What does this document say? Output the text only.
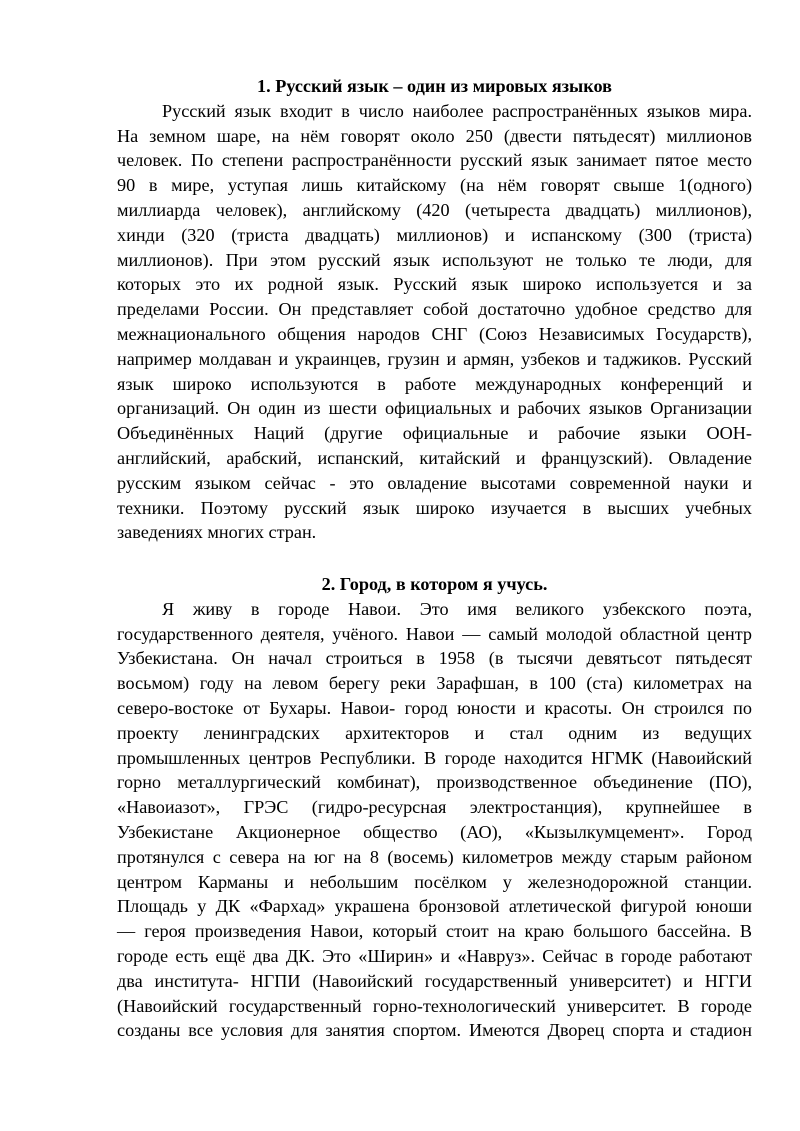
1. Русский язык – один из мировых языков
Русский язык входит в число наиболее распространённых языков мира.
На земном шаре, на нём говорят около 250 (двести пятьдесят) миллионов
человек. По степени распространённости русский язык занимает пятое место
90 в мире, уступая лишь китайскому (на нём говорят свыше 1(одного)
миллиарда человек), английскому (420 (четыреста двадцать) миллионов),
хинди (320 (триста двадцать) миллионов) и испанскому (300 (триста)
миллионов). При этом русский язык используют не только те люди, для
которых это их родной язык. Русский язык широко используется и за
пределами России. Он представляет собой достаточно удобное средство для
межнационального общения народов СНГ (Союз Независимых Государств),
например молдаван и украинцев, грузин и армян, узбеков и таджиков. Русский
язык широко используются в работе международных конференций и
организаций. Он один из шести официальных и рабочих языков Организации
Объединённых Наций (другие официальные и рабочие языки ООН-
английский, арабский, испанский, китайский и французский). Овладение
русским языком сейчас - это овладение высотами современной науки и
техники. Поэтому русский язык широко изучается в высших учебных
заведениях многих стран.
2. Город, в котором я учусь.
Я живу в городе Навои. Это имя великого узбекского поэта,
государственного деятеля, учёного. Навои — самый молодой областной центр
Узбекистана. Он начал строиться в 1958 (в тысячи девятьсот пятьдесят
восьмом) году на левом берегу реки Зарафшан, в 100 (ста) километрах на
северо-востоке от Бухары. Навои- город юности и красоты. Он строился по
проекту ленинградских архитекторов и стал одним из ведущих
промышленных центров Республики. В городе находится НГМК (Навоийский
горно металлургический комбинат), производственное объединение (ПО),
«Навоиазот», ГРЭС (гидро-ресурсная электростанция), крупнейшее в
Узбекистане Акционерное общество (АО), «Кызылкумцемент». Город
протянулся с севера на юг на 8 (восемь) километров между старым районом
центром Карманы и небольшим посёлком у железнодорожной станции.
Площадь у ДК «Фархад» украшена бронзовой атлетической фигурой юноши
— героя произведения Навои, который стоит на краю большого бассейна. В
городе есть ещё два ДК. Это «Ширин» и «Навруз». Сейчас в городе работают
два института- НГПИ (Навоийский государственный университет) и НГГИ
(Навоийский государственный горно-технологический университет. В городе
созданы все условия для занятия спортом. Имеются Дворец спорта и стадион
